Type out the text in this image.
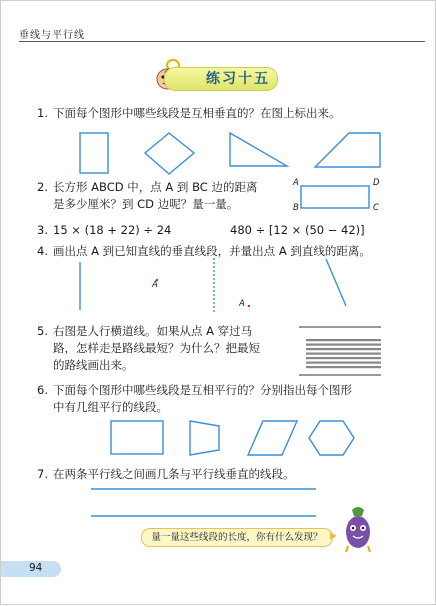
垂线与平行线
练习十五
1. 下面每个图形中哪些线段是互相垂直的？在图上标出来。
2. 长方形 ABCD 中，点 A 到 BC 边的距离
是多少厘米？到 CD 边呢？量一量。
A	D
B	C
3. 15 × (18 + 22) ÷ 24	480 ÷ [12 × (50 − 42)]
4. 画出点 A 到已知直线的垂直线段，并量出点 A 到直线的距离。
A
A
5. 右图是人行横道线。如果从点 A 穿过马
路，怎样走是路线最短？为什么？把最短
的路线画出来。
6. 下面每个图形中哪些线段是互相平行的？分别指出每个图形
中有几组平行的线段。
7. 在两条平行线之间画几条与平行线垂直的线段。
量一量这些线段的长度，你有什么发现？
94
